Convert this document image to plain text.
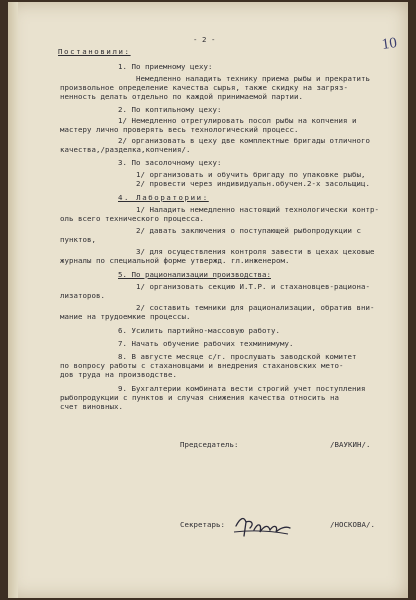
- 2 -	10
Постановили:
1. По приемному цеху:
Немедленно наладить технику приема рыбы и прекратить
произвольное определение качества сырья, также скидку на загряз-
ненность делать отдельно по каждой принимаемой партии.
2. По коптильному цеху:
1/ Немедленно отрегулировать посол рыбы на копчения и
мастеру лично проверять весь технологический процесс.
2/ организовать в цеху две комплектные бригады отличного
качества,/разделка,копчения/.
3. По засолочному цеху:
1/ организовать и обучить бригаду по упаковке рыбы,
2/ провести через индивидуальн.обучен.2-х засольщиц.
4. Лаборатории:
1/ Наладить немедленно настоящий технологически контр-
оль всего технического процесса.
2/ давать заключения о поступающей рыбопродукции с
пунктов,
3/ для осуществления контроля завести в цехах цеховые
журналы по специальной форме утвержд. гл.инженером.
5. По рационализации производства:
1/ организовать секцию И.Т.Р. и стахановцев-рационa-
лизаторов.
2/ составить темники для рационализации, обратив вни-
мание на трудоемкие процессы.
6. Усилить партийно-массовую работу.
7. Начать обучение рабочих техминимуму.
8. В августе месяце с/г. прослушать заводской комитет
по вопросу работы с стахановцами и внедрения стахановских мето-
дов труда на производстве.
9. Бухгалтерии комбината вести строгий учет поступления
рыбопродукции с пунктов и случая снижения качества относить на
счет виновных.
Председатель:	/ВАУКИН/.
Секретарь:	/НОСКОВА/.
